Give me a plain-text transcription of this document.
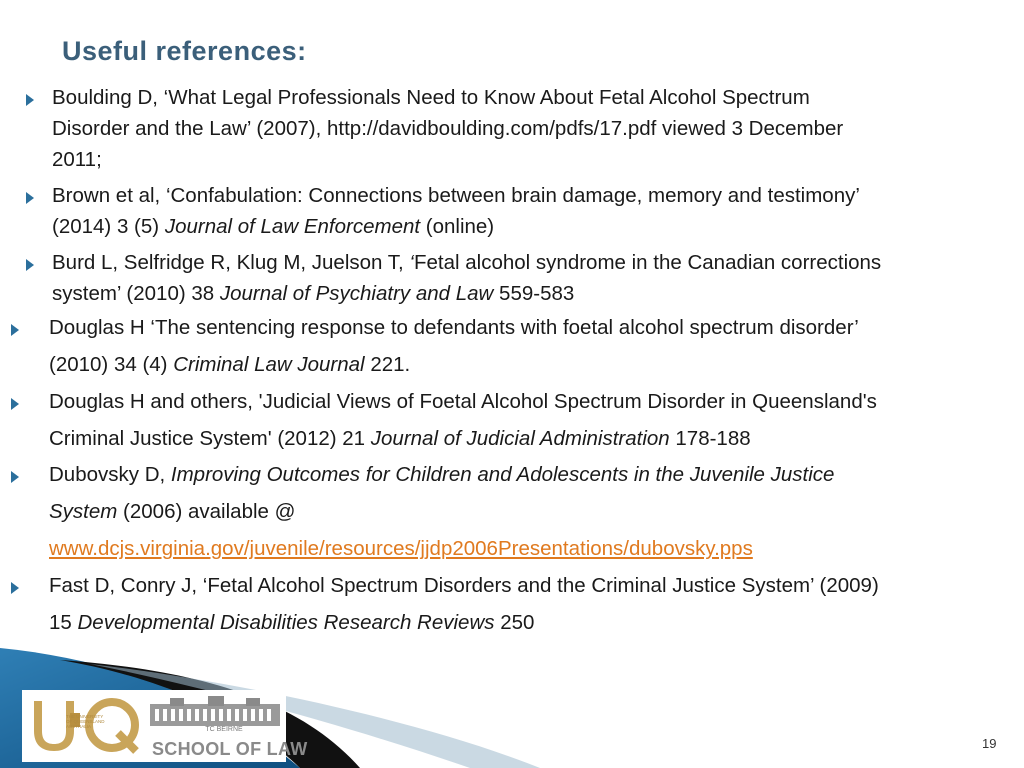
Useful references:
Boulding D, ‘What Legal Professionals Need to Know About Fetal Alcohol Spectrum
Disorder and the Law’ (2007), http://davidboulding.com/pdfs/17.pdf viewed 3 December
2011;
Brown et al, ‘Confabulation: Connections between brain damage, memory and testimony’
(2014) 3 (5) Journal of Law Enforcement (online)
Burd L, Selfridge R, Klug M, Juelson T, ‘Fetal alcohol syndrome in the Canadian corrections
system’ (2010) 38 Journal of Psychiatry and Law 559-583
Douglas H ‘The sentencing response to defendants with foetal alcohol spectrum disorder’
(2010) 34 (4) Criminal Law Journal 221.
Douglas H and others, 'Judicial Views of Foetal Alcohol Spectrum Disorder in Queensland's
Criminal Justice System' (2012) 21 Journal of Judicial Administration 178-188
Dubovsky D, Improving Outcomes for Children and Adolescents in the Juvenile Justice
System (2006) available @
www.dcjs.virginia.gov/juvenile/resources/jjdp2006Presentations/dubovsky.pps
Fast D, Conry J, ‘Fetal Alcohol Spectrum Disorders and the Criminal Justice System’ (2009)
15 Developmental Disabilities Research Reviews 250
THE UNIVERSITY OF QUEENSLAND AUSTRALIA	TC BEIRNE
SCHOOL OF LAW	19
